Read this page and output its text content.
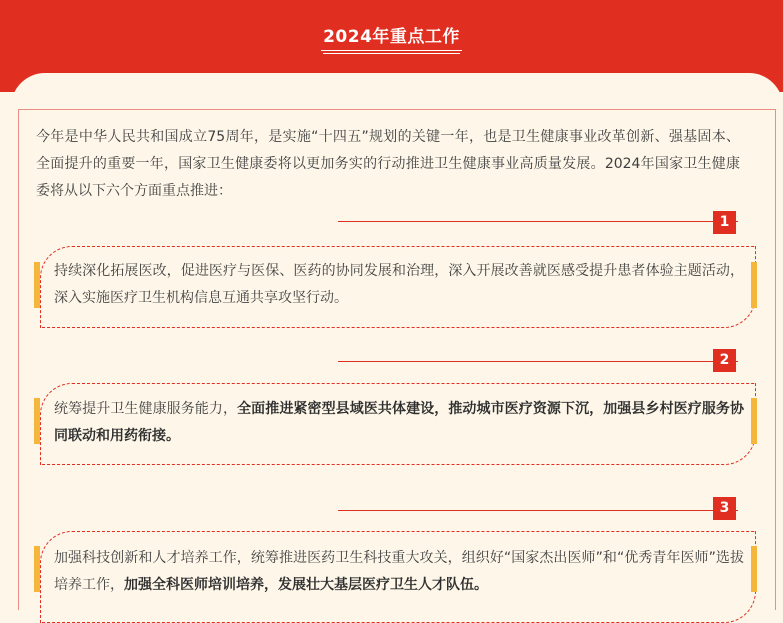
2024年重点工作
今年是中华人民共和国成立75周年，是实施“十四五”规划的关键一年，也是卫生健康事业改革创新、强基固本、全面提升的重要一年，国家卫生健康委将以更加务实的行动推进卫生健康事业高质量发展。2024年国家卫生健康委将从以下六个方面重点推进：
1
持续深化拓展医改，促进医疗与医保、医药的协同发展和治理，深入开展改善就医感受提升患者体验主题活动，深入实施医疗卫生机构信息互通共享攻坚行动。
2
统筹提升卫生健康服务能力，全面推进紧密型县域医共体建设，推动城市医疗资源下沉，加强县乡村医疗服务协同联动和用药衔接。
3
加强科技创新和人才培养工作，统筹推进医药卫生科技重大攻关，组织好“国家杰出医师”和“优秀青年医师”选拔培养工作，加强全科医师培训培养，发展壮大基层医疗卫生人才队伍。
